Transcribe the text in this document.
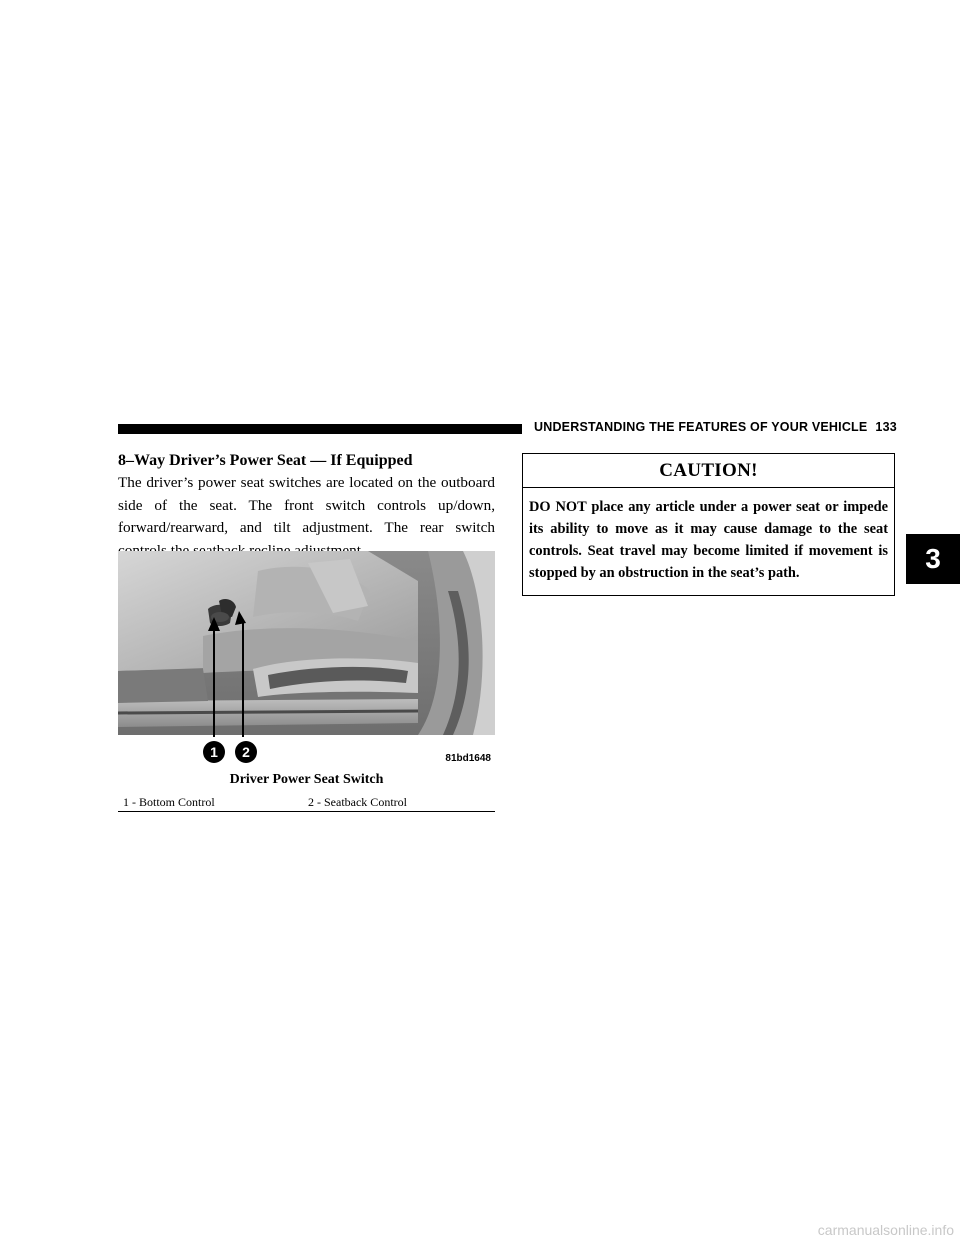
UNDERSTANDING THE FEATURES OF YOUR VEHICLE 133
8–Way Driver’s Power Seat — If Equipped
The driver’s power seat switches are located on the outboard side of the seat. The front switch controls up/down, forward/rearward, and tilt adjustment. The rear switch
1	2	81bd1648
Driver Power Seat Switch
1 - Bottom Control	2 - Seatback Control
CAUTION!
DO NOT place any article under a power seat or impede its ability to move as it may cause damage to the seat controls. Seat travel may become limited if movement is stopped by an obstruction in the seat’s path.	3
carmanualsonline.info
